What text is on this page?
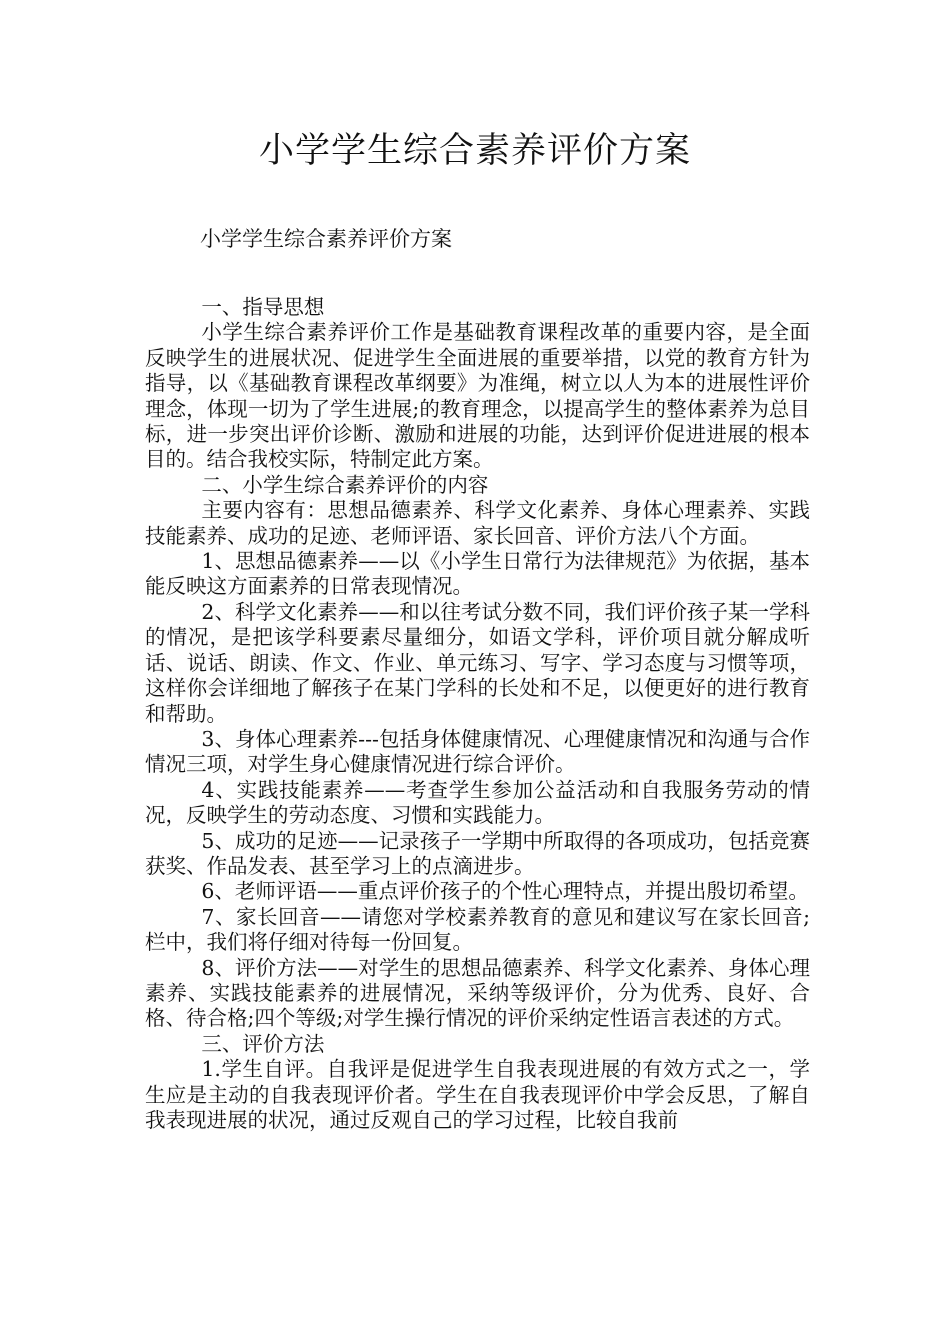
小学学生综合素养评价方案
小学学生综合素养评价方案

一、指导思想

小学生综合素养评价工作是基础教育课程改革的重要内容，是全面反映学生的进展状况、促进学生全面进展的重要举措，以党的教育方针为指导，以《基础教育课程改革纲要》为准绳，树立以人为本的进展性评价理念，体现一切为了学生进展;的教育理念，以提高学生的整体素养为总目标，进一步突出评价诊断、激励和进展的功能，达到评价促进进展的根本目的。结合我校实际，特制定此方案。

二、小学生综合素养评价的内容

主要内容有：思想品德素养、科学文化素养、身体心理素养、实践技能素养、成功的足迹、老师评语、家长回音、评价方法八个方面。

1、思想品德素养——以《小学生日常行为法律规范》为依据，基本能反映这方面素养的日常表现情况。

2、科学文化素养——和以往考试分数不同，我们评价孩子某一学科的情况，是把该学科要素尽量细分，如语文学科，评价项目就分解成听话、说话、朗读、作文、作业、单元练习、写字、学习态度与习惯等项，这样你会详细地了解孩子在某门学科的长处和不足，以便更好的进行教育和帮助。

3、身体心理素养---包括身体健康情况、心理健康情况和沟通与合作情况三项，对学生身心健康情况进行综合评价。

4、实践技能素养——考查学生参加公益活动和自我服务劳动的情况，反映学生的劳动态度、习惯和实践能力。

5、成功的足迹——记录孩子一学期中所取得的各项成功，包括竞赛获奖、作品发表、甚至学习上的点滴进步。

6、老师评语——重点评价孩子的个性心理特点，并提出殷切希望。

7、家长回音——请您对学校素养教育的意见和建议写在家长回音;栏中，我们将仔细对待每一份回复。

8、评价方法——对学生的思想品德素养、科学文化素养、身体心理素养、实践技能素养的进展情况，采纳等级评价，分为优秀、良好、合格、待合格;四个等级;对学生操行情况的评价采纳定性语言表述的方式。

三、评价方法

1.学生自评。自我评是促进学生自我表现进展的有效方式之一，学生应是主动的自我表现评价者。学生在自我表现评价中学会反思，了解自我表现进展的状况，通过反观自己的学习过程，比较自我前
